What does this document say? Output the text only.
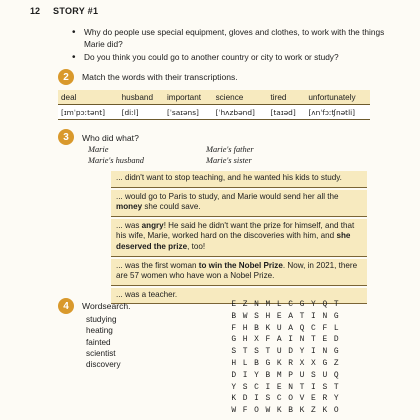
12 STORY #1
• Why do people use special equipment, gloves and clothes, to work with the things Marie did?
• Do you think you could go to another country or city to work or study?
2	Match the words with their transcriptions.
deal	husband	important	science	tired	unfortunately
[ɪmˈpɔːtənt]	[diːl]	[ˈsaɪəns]	[ˈhʌzbənd]	[taɪəd]	[ʌnˈfɔːʧnətli]
3	Who did what?
Marie	Marie's father
Marie's husband	Marie's sister
... didn't want to stop teaching, and he wanted his kids to study.
... would go to Paris to study, and Marie would send her all the money she could save.
... was angry! He said he didn't want the prize for himself, and that his wife, Marie, worked hard on the discoveries with him, and she deserved the prize, too!
... was the first woman to win the Nobel Prize. Now, in 2021, there are 57 women who have won a Nobel Prize.
... was a teacher.
4	Wordsearch.
studying
heating
fainted
scientist
discovery
E Z N M L C G Y Q T
B W S H E A T I N G
F H B K U A Q C F L
G H X F A I N T E D
S T S T U D Y I N G
H L B G K R X X G Z
D I Y B M P U S U Q
Y S C I E N T I S T
K D I S C O V E R Y
W F O W K B K Z K O
